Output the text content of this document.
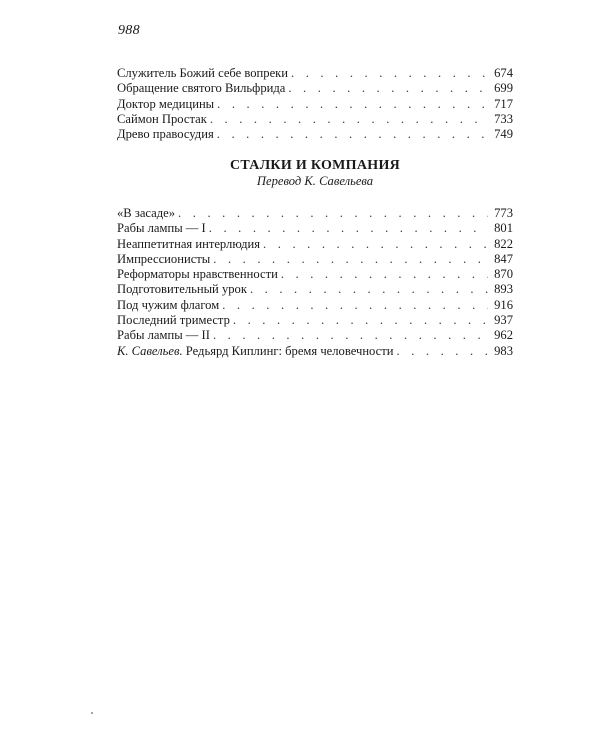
988
Служитель Божий себе вопреки . . .	674
Обращение святого Вильфрида . . .	699
Доктор медицины . . .	717
Саймон Простак . . .	733
Древо правосудия . . .	749
СТАЛКИ И КОМПАНИЯ
Перевод К. Савельева
«В засаде» . . .	773
Рабы лампы — I . . .	801
Неаппетитная интерлюдия . . .	822
Импрессионисты . . .	847
Реформаторы нравственности . . .	870
Подготовительный урок . . .	893
Под чужим флагом . . .	916
Последний триместр . . .	937
Рабы лампы — II . . .	962
К. Савельев. Редьярд Киплинг: бремя человечности . . .	983
